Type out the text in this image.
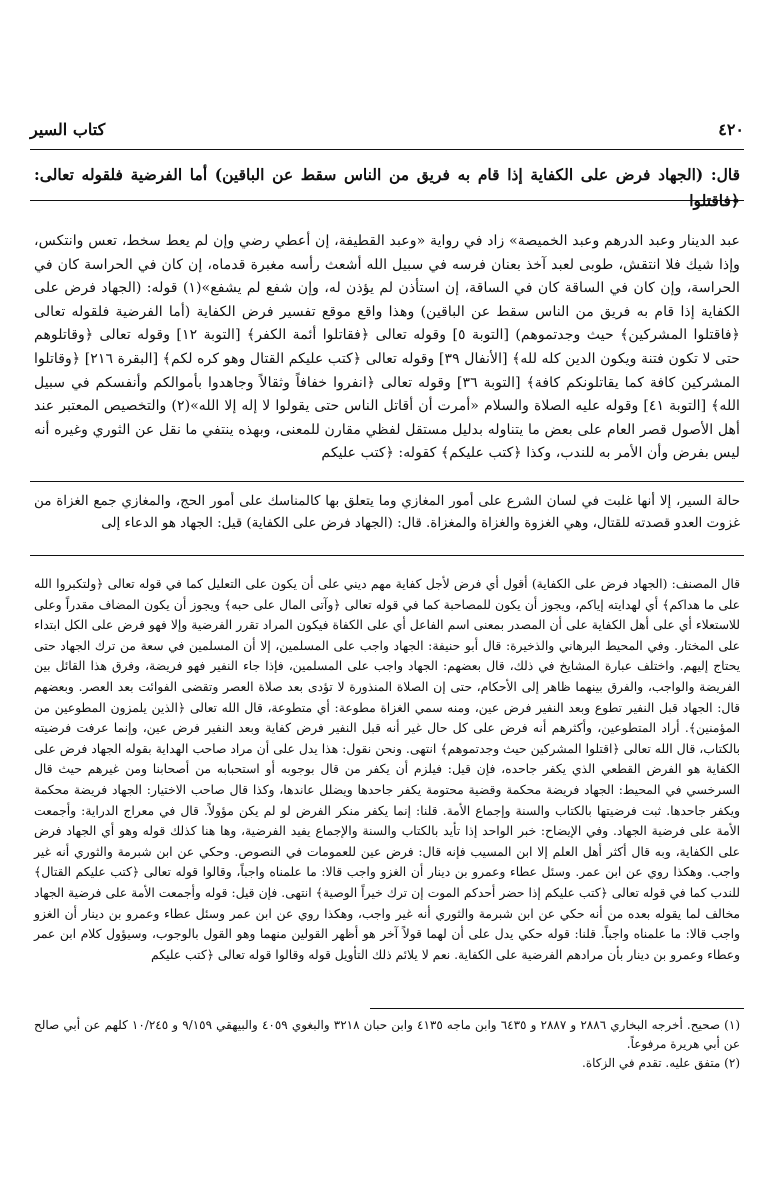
٤٢٠
كتاب السير
قال: (الجهاد فرض على الكفاية إذا قام به فريق من الناس سقط عن الباقين) أما الفرضية فلقوله تعالى: ﴿فاقتلوا
عبد الدينار وعبد الدرهم وعبد الخميصة» زاد في رواية «وعبد القطيفة، إن أعطي رضي وإن لم يعط سخط، تعس وانتكس، وإذا شيك فلا انتقش، طوبى لعبد آخذ بعنان فرسه في سبيل الله أشعث رأسه مغبرة قدماه، إن كان في الحراسة كان في الحراسة، وإن كان في الساقة كان في الساقة، إن استأذن لم يؤذن له، وإن شفع لم يشفع»(١) قوله: (الجهاد فرض على الكفاية إذا قام به فريق من الناس سقط عن الباقين) وهذا واقع موقع تفسير فرض الكفاية (أما الفرضية فلقوله تعالى ﴿فاقتلوا المشركين﴾ حيث وجدتموهم) [التوبة ٥] وقوله تعالى ﴿فقاتلوا أئمة الكفر﴾ [التوبة ١٢] وقوله تعالى ﴿وقاتلوهم حتى لا تكون فتنة ويكون الدين كله لله﴾ [الأنفال ٣٩] وقوله تعالى ﴿كتب عليكم القتال وهو كره لكم﴾ [البقرة ٢١٦] ﴿وقاتلوا المشركين كافة كما يقاتلونكم كافة﴾ [التوبة ٣٦] وقوله تعالى ﴿انفروا خفافاً وثقالاً وجاهدوا بأموالكم وأنفسكم في سبيل الله﴾ [التوبة ٤١] وقوله عليه الصلاة والسلام «أمرت أن أقاتل الناس حتى يقولوا لا إله إلا الله»(٢) والتخصيص المعتبر عند أهل الأصول قصر العام على بعض ما يتناوله بدليل مستقل لفظي مقارن للمعنى، وبهذه ينتفي ما نقل عن الثوري وغيره أنه ليس بفرض وأن الأمر به للندب، وكذا ﴿كتب عليكم﴾ كقوله: ﴿كتب عليكم
حالة السير، إلا أنها غلبت في لسان الشرع على أمور المغازي وما يتعلق بها كالمناسك على أمور الحج، والمغازي جمع الغزاة من غزوت العدو قصدته للقتال، وهي الغزوة والغزاة والمغزاة. قال: (الجهاد فرض على الكفاية) قيل: الجهاد هو الدعاء إلى
قال المصنف: (الجهاد فرض على الكفاية) أقول أي فرض لأجل كفاية مهم ديني على أن يكون على التعليل كما في قوله تعالى ﴿ولتكبروا الله على ما هداكم﴾ أي لهدايته إياكم، ويجوز أن يكون للمصاحبة كما في قوله تعالى ﴿وآتى المال على حبه﴾ ويجوز أن يكون المضاف مقدراً وعلى للاستعلاء أي على أهل الكفاية على أن المصدر بمعنى اسم الفاعل أي على الكفاة فيكون المراد تقرر الفرضية وإلا فهو فرض على الكل ابتداء على المختار. وفي المحيط البرهاني والذخيرة: قال أبو حنيفة: الجهاد واجب على المسلمين، إلا أن المسلمين في سعة من ترك الجهاد حتى يحتاج إليهم. واختلف عبارة المشايخ في ذلك، قال بعضهم: الجهاد واجب على المسلمين، فإذا جاء النفير فهو فريضة، وفرق هذا القائل بين الفريضة والواجب، والفرق بينهما ظاهر إلى الأحكام، حتى إن الصلاة المنذورة لا تؤدى بعد صلاة العصر وتقضى الفوائت بعد العصر. وبعضهم قال: الجهاد قبل النفير تطوع وبعد النفير فرض عين، ومنه سمي الغزاة مطوعة: أي متطوعة، قال الله تعالى ﴿الذين يلمزون المطوعين من المؤمنين﴾. أراد المتطوعين، وأكثرهم أنه فرض على كل حال غير أنه قبل النفير فرض كفاية وبعد النفير فرض عين، وإنما عرفت فرضيته بالكتاب، قال الله تعالى ﴿اقتلوا المشركين حيث وجدتموهم﴾ انتهى. ونحن نقول: هذا يدل على أن مراد صاحب الهداية بقوله الجهاد فرض على الكفاية هو الفرض القطعي الذي يكفر جاحده، فإن قيل: فيلزم أن يكفر من قال بوجوبه أو استحبابه من أصحابنا ومن غيرهم حيث قال السرخسي في المحيط: الجهاد فريضة محكمة وقضية محتومة يكفر جاحدها ويضلل عاندها، وكذا قال صاحب الاختيار: الجهاد فريضة محكمة ويكفر جاحدها. ثبت فرضيتها بالكتاب والسنة وإجماع الأمة. قلنا: إنما يكفر منكر الفرض لو لم يكن مؤولاً. قال في معراج الدراية: وأجمعت الأمة على فرضية الجهاد. وفي الإيضاح: خبر الواحد إذا تأيد بالكتاب والسنة والإجماع يفيد الفرضية، وها هنا كذلك قوله وهو أي الجهاد فرض على الكفاية، وبه قال أكثر أهل العلم إلا ابن المسيب فإنه قال: فرض عين للعمومات في النصوص. وحكي عن ابن شبرمة والثوري أنه غير واجب. وهكذا روي عن ابن عمر. وسئل عطاء وعمرو بن دينار أن الغزو واجب قالا: ما علمناه واجباً، وقالوا قوله تعالى ﴿كتب عليكم القتال﴾ للندب كما في قوله تعالى ﴿كتب عليكم إذا حضر أحدكم الموت إن ترك خيراً الوصية﴾ انتهى. فإن قيل: قوله وأجمعت الأمة على فرضية الجهاد مخالف لما يقوله بعده من أنه حكي عن ابن شبرمة والثوري أنه غير واجب، وهكذا روي عن ابن عمر وسئل عطاء وعمرو بن دينار أن الغزو واجب قالا: ما علمناه واجباً. قلنا: قوله حكي يدل على أن لهما قولاً آخر هو أظهر القولين منهما وهو القول بالوجوب، وسيؤول كلام ابن عمر وعطاء وعمرو بن دينار بأن مرادهم الفرضية على الكفاية. نعم لا يلائم ذلك التأويل قوله وقالوا قوله تعالى ﴿كتب عليكم

(١) صحيح. أخرجه البخاري ٢٨٨٦ و ٢٨٨٧ و ٦٤٣٥ وابن ماجه ٤١٣٥ وابن حبان ٣٢١٨ والبغوي ٤٠٥٩ والبيهقي ٩/١٥٩ و ١٠/٢٤٥ كلهم عن أبي صالح عن أبي هريرة مرفوعاً.

(٢) متفق عليه. تقدم في الزكاة.
